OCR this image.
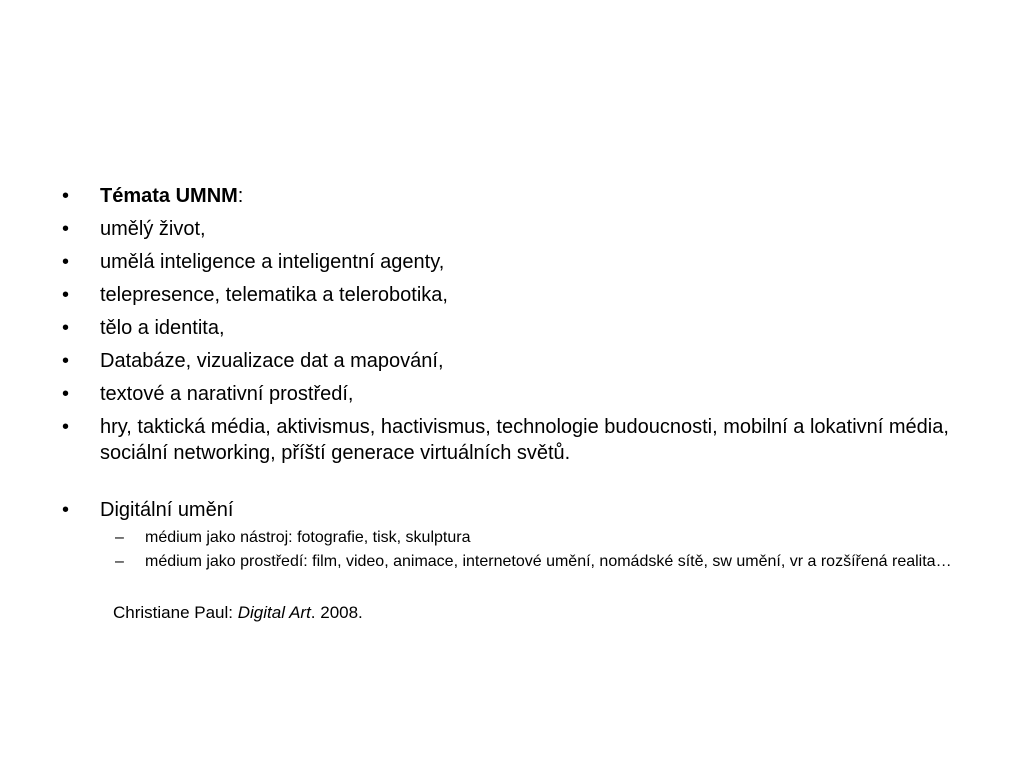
• Témata UMNM:
• umělý život,
• umělá inteligence a inteligentní agenty,
• telepresence, telematika a telerobotika,
• tělo a identita,
• Databáze, vizualizace dat a mapování,
• textové a narativní prostředí,
• hry, taktická média, aktivismus, hactivismus, technologie budoucnosti, mobilní a lokativní média, sociální networking, příští generace virtuálních světů.
• Digitální umění
– médium jako nástroj: fotografie, tisk, skulptura
– médium jako prostředí: film, video, animace, internetové umění, nomádské sítě, sw umění, vr a rozšířená realita…
Christiane Paul: Digital Art. 2008.
